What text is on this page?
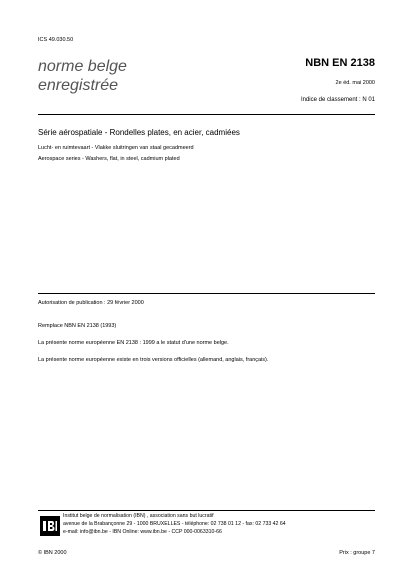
ICS 49.030.50
norme belge
enregistrée
NBN EN 2138
2e éd. mai 2000
Indice de classement : N 01
Série aérospatiale - Rondelles plates, en acier, cadmiées
Lucht- en ruimtevaart - Vlakke sluitringen van staal gecadmeerd
Aerospace series - Washers, flat, in steel, cadmium plated
Autorisation de publication : 29 février 2000
Remplace NBN EN 2138 (1993)
La présente norme européenne EN 2138 : 1999 a le statut d'une norme belge.
La présente norme européenne existe en trois versions officielles (allemand, anglais, français).
Institut belge de normalisation (IBN) , association sans but lucratif
avenue de la Brabançonne 29 - 1000 BRUXELLES - téléphone: 02 738 01 12 - fax: 02 733 42 64
e-mail: info@ibn.be - IBN Online: www.ibn.be - CCP 000-0063310-66
© IBN 2000	Prix : groupe 7
